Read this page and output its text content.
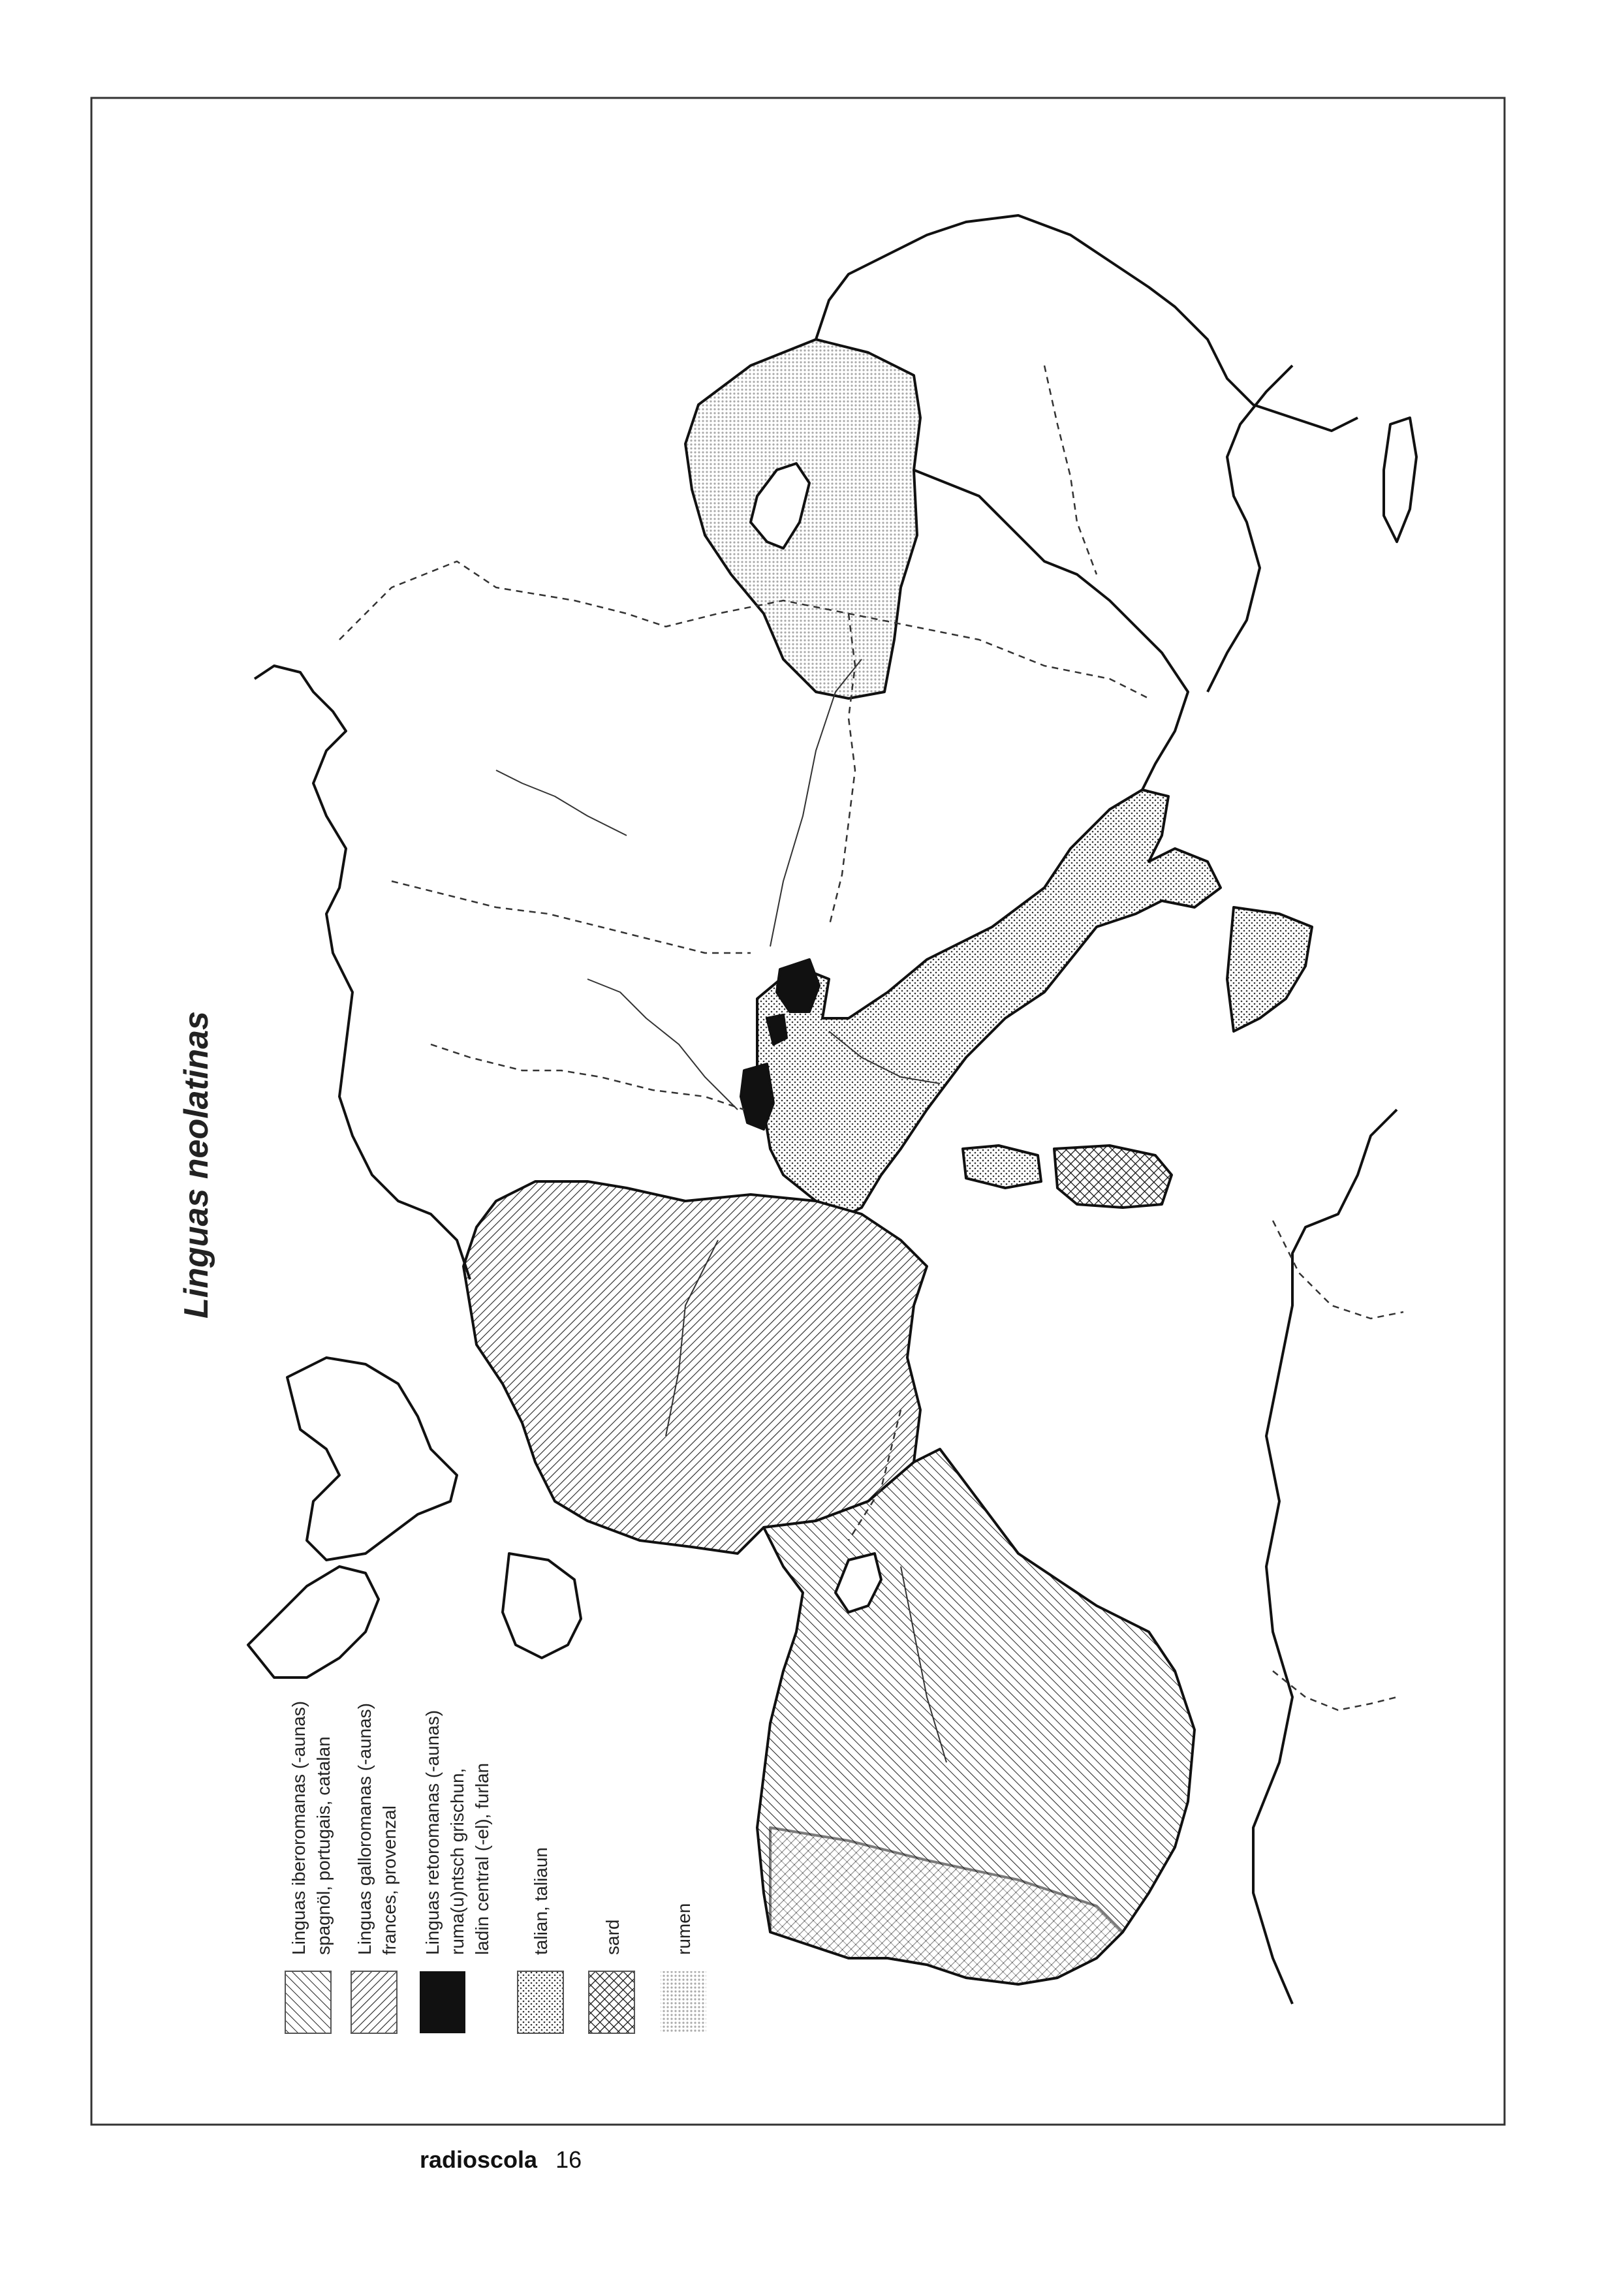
Linguas neolatinas
Linguas iberoromanas (-aunas) spagnöl, portugais, catalan Linguas galloromanas (-aunas) frances, provenzal Linguas retoromanas (-aunas) ruma(u)ntsch grischun, ladin central (-el), furlan talian, taliaun	sard	rumen
radioscola 16
